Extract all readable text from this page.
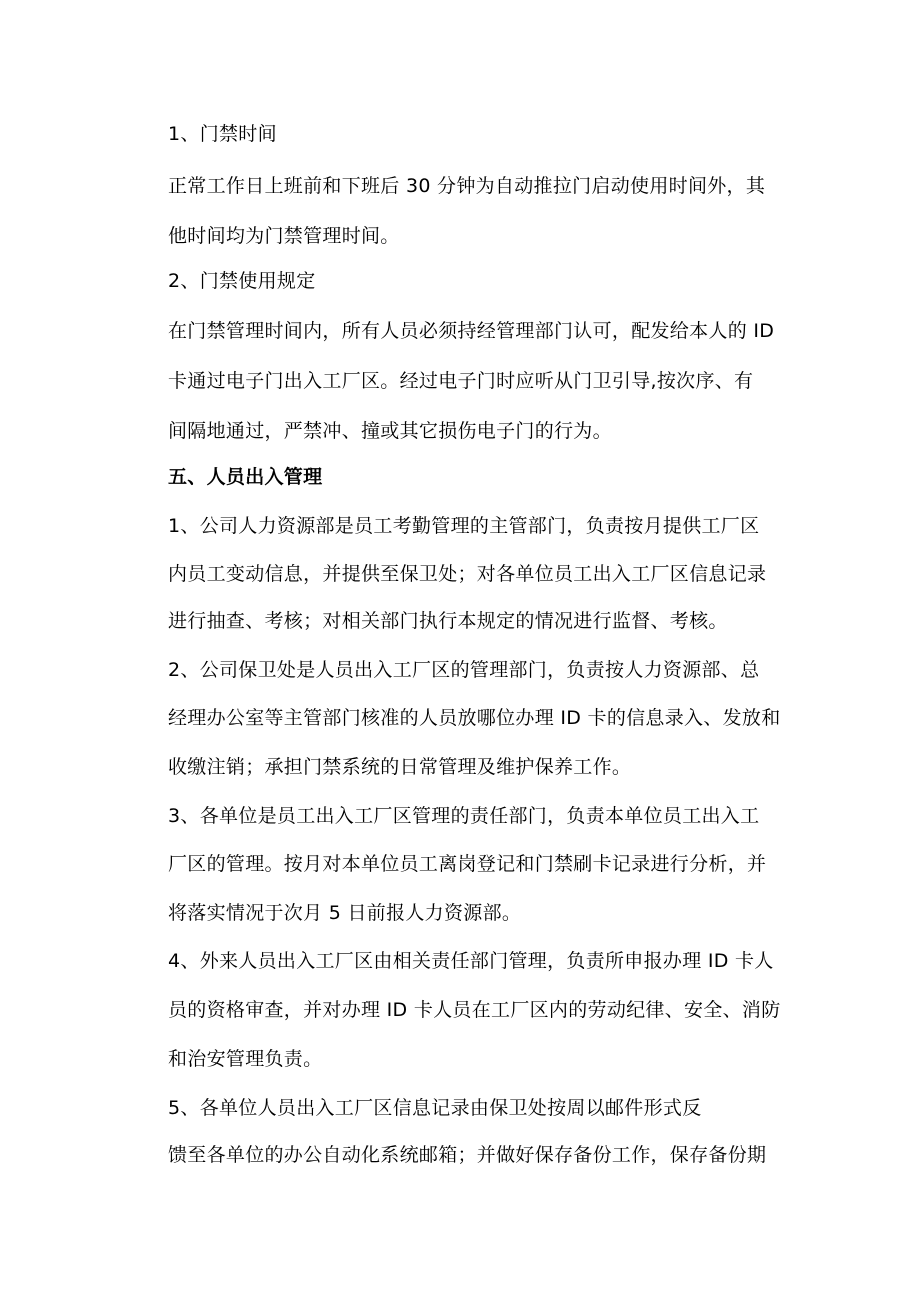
1、门禁时间
正常工作日上班前和下班后 30 分钟为自动推拉门启动使用时间外，其
他时间均为门禁管理时间。
2、门禁使用规定
在门禁管理时间内，所有人员必须持经管理部门认可，配发给本人的 ID
卡通过电子门出入工厂区。经过电子门时应听从门卫引导,按次序、有
间隔地通过，严禁冲、撞或其它损伤电子门的行为。
五、人员出入管理
1、公司人力资源部是员工考勤管理的主管部门，负责按月提供工厂区
内员工变动信息，并提供至保卫处；对各单位员工出入工厂区信息记录
进行抽查、考核；对相关部门执行本规定的情况进行监督、考核。
2、公司保卫处是人员出入工厂区的管理部门，负责按人力资源部、总
经理办公室等主管部门核准的人员放哪位办理 ID 卡的信息录入、发放和
收缴注销；承担门禁系统的日常管理及维护保养工作。
3、各单位是员工出入工厂区管理的责任部门，负责本单位员工出入工
厂区的管理。按月对本单位员工离岗登记和门禁刷卡记录进行分析，并
将落实情况于次月 5 日前报人力资源部。
4、外来人员出入工厂区由相关责任部门管理，负责所申报办理 ID 卡人
员的资格审查，并对办理 ID 卡人员在工厂区内的劳动纪律、安全、消防
和治安管理负责。
5、各单位人员出入工厂区信息记录由保卫处按周以邮件形式反
馈至各单位的办公自动化系统邮箱；并做好保存备份工作，保存备份期
